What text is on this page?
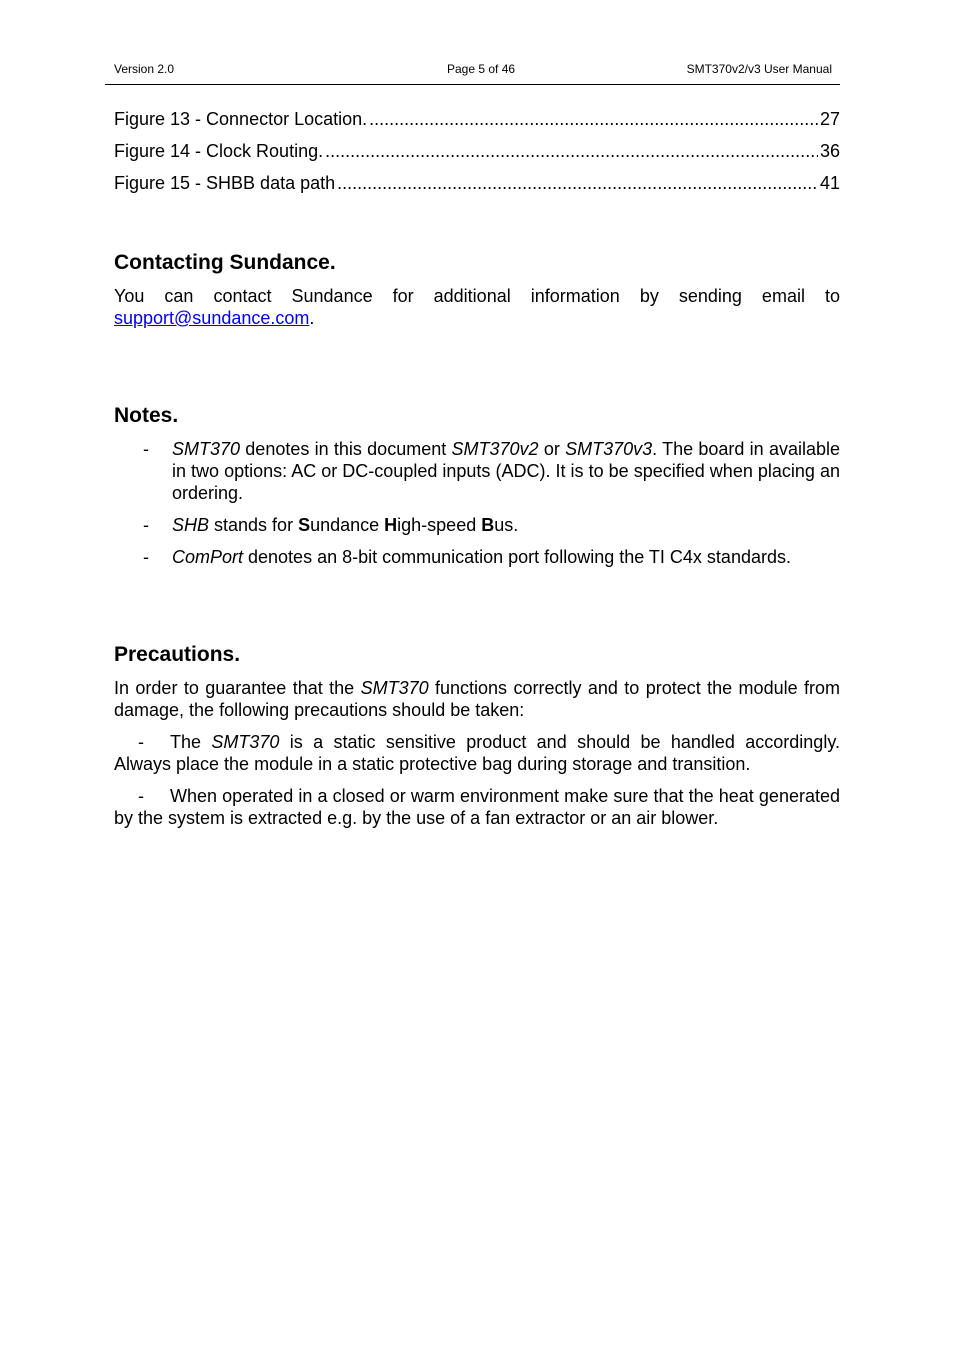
Version 2.0	Page 5 of 46	SMT370v2/v3 User Manual
Figure 13 - Connector Location. .....	27
Figure 14 - Clock Routing. .....	36
Figure 15 - SHBB data path .....	41
Contacting Sundance.
You can contact Sundance for additional information by sending email to support@sundance.com.
Notes.
- SMT370 denotes in this document SMT370v2 or SMT370v3. The board in available in two options: AC or DC-coupled inputs (ADC). It is to be specified when placing an ordering.
- SHB stands for Sundance High-speed Bus.
- ComPort denotes an 8-bit communication port following the TI C4x standards.
Precautions.
In order to guarantee that the SMT370 functions correctly and to protect the module from damage, the following precautions should be taken:
- The SMT370 is a static sensitive product and should be handled accordingly. Always place the module in a static protective bag during storage and transition.
- When operated in a closed or warm environment make sure that the heat generated by the system is extracted e.g. by the use of a fan extractor or an air blower.
